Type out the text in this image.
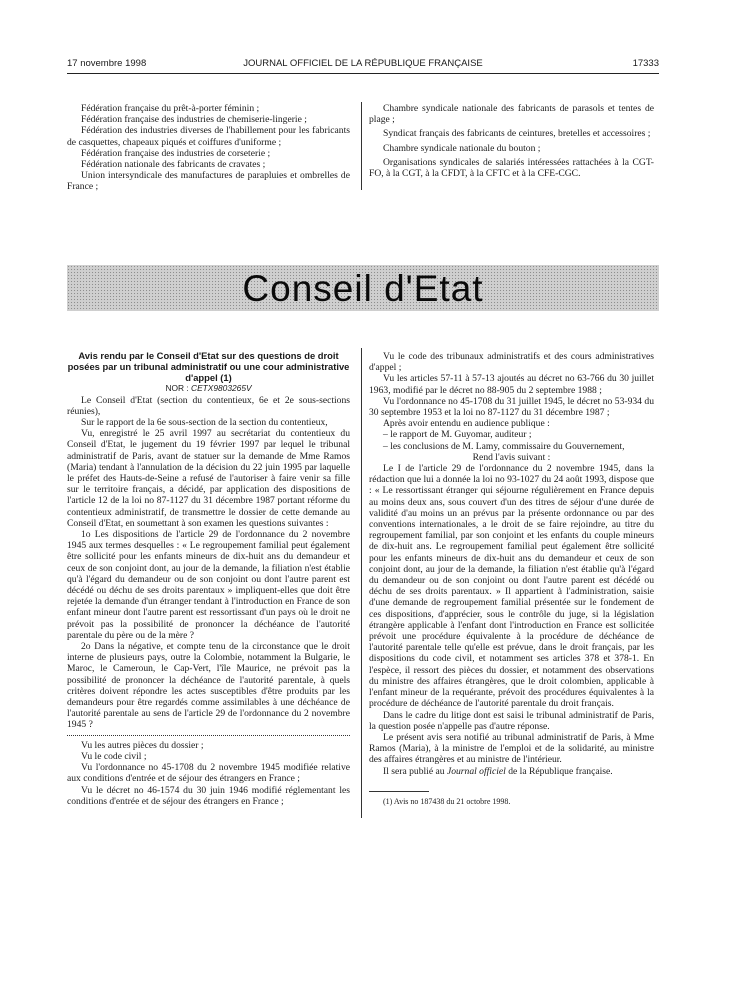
17 novembre 1998	JOURNAL OFFICIEL DE LA RÉPUBLIQUE FRANÇAISE	17333

Fédération française du prêt-à-porter féminin ;

Fédération française des industries de chemiserie-lingerie ;

Fédération des industries diverses de l'habillement pour les fabricants de casquettes, chapeaux piqués et coiffures d'uniforme ;

Fédération française des industries de corseterie ;

Fédération nationale des fabricants de cravates ;

Union intersyndicale des manufactures de parapluies et ombrelles de France ;

Chambre syndicale nationale des fabricants de parasols et tentes de plage ;

Syndicat français des fabricants de ceintures, bretelles et accessoires ;

Chambre syndicale nationale du bouton ;

Organisations syndicales de salariés intéressées rattachées à la CGT-FO, à la CGT, à la CFDT, à la CFTC et à la CFE-CGC.

Conseil d'Etat

Avis rendu par le Conseil d'Etat sur des questions de droit posées par un tribunal administratif ou une cour administrative d'appel (1)

NOR : CETX9803265V

Le Conseil d'Etat (section du contentieux, 6e et 2e sous-sections réunies),

Sur le rapport de la 6e sous-section de la section du contentieux,

Vu, enregistré le 25 avril 1997 au secrétariat du contentieux du Conseil d'Etat, le jugement du 19 février 1997 par lequel le tribunal administratif de Paris, avant de statuer sur la demande de Mme Ramos (Maria) tendant à l'annulation de la décision du 22 juin 1995 par laquelle le préfet des Hauts-de-Seine a refusé de l'autoriser à faire venir sa fille sur le territoire français, a décidé, par application des dispositions de l'article 12 de la loi no 87-1127 du 31 décembre 1987 portant réforme du contentieux administratif, de transmettre le dossier de cette demande au Conseil d'Etat, en soumettant à son examen les questions suivantes :

1o Les dispositions de l'article 29 de l'ordonnance du 2 novembre 1945 aux termes desquelles : « Le regroupement familial peut également être sollicité pour les enfants mineurs de dix-huit ans du demandeur et ceux de son conjoint dont, au jour de la demande, la filiation n'est établie qu'à l'égard du demandeur ou de son conjoint ou dont l'autre parent est décédé ou déchu de ses droits parentaux » impliquent-elles que doit être rejetée la demande d'un étranger tendant à l'introduction en France de son enfant mineur dont l'autre parent est ressortissant d'un pays où le droit ne prévoit pas la possibilité de prononcer la déchéance de l'autorité parentale du père ou de la mère ?

2o Dans la négative, et compte tenu de la circonstance que le droit interne de plusieurs pays, outre la Colombie, notamment la Bulgarie, le Maroc, le Cameroun, le Cap-Vert, l'île Maurice, ne prévoit pas la possibilité de prononcer la déchéance de l'autorité parentale, à quels critères doivent répondre les actes susceptibles d'être produits par les demandeurs pour être regardés comme assimilables à une déchéance de l'autorité parentale au sens de l'article 29 de l'ordonnance du 2 novembre 1945 ?

Vu les autres pièces du dossier ;

Vu le code civil ;

Vu l'ordonnance no 45-1708 du 2 novembre 1945 modifiée relative aux conditions d'entrée et de séjour des étrangers en France ;

Vu le décret no 46-1574 du 30 juin 1946 modifié réglementant les conditions d'entrée et de séjour des étrangers en France ;

Vu le code des tribunaux administratifs et des cours administratives d'appel ;

Vu les articles 57-11 à 57-13 ajoutés au décret no 63-766 du 30 juillet 1963, modifié par le décret no 88-905 du 2 septembre 1988 ;

Vu l'ordonnance no 45-1708 du 31 juillet 1945, le décret no 53-934 du 30 septembre 1953 et la loi no 87-1127 du 31 décembre 1987 ;

Après avoir entendu en audience publique :

– le rapport de M. Guyomar, auditeur ;
– les conclusions de M. Lamy, commissaire du Gouvernement,

Rend l'avis suivant :

Le I de l'article 29 de l'ordonnance du 2 novembre 1945, dans la rédaction que lui a donnée la loi no 93-1027 du 24 août 1993, dispose que : « Le ressortissant étranger qui séjourne régulièrement en France depuis au moins deux ans, sous couvert d'un des titres de séjour d'une durée de validité d'au moins un an prévus par la présente ordonnance ou par des conventions internationales, a le droit de se faire rejoindre, au titre du regroupement familial, par son conjoint et les enfants du couple mineurs de dix-huit ans. Le regroupement familial peut également être sollicité pour les enfants mineurs de dix-huit ans du demandeur et ceux de son conjoint dont, au jour de la demande, la filiation n'est établie qu'à l'égard du demandeur ou de son conjoint ou dont l'autre parent est décédé ou déchu de ses droits parentaux. » Il appartient à l'administration, saisie d'une demande de regroupement familial présentée sur le fondement de ces dispositions, d'apprécier, sous le contrôle du juge, si la législation étrangère applicable à l'enfant dont l'introduction en France est sollicitée prévoit une procédure équivalente à la procédure de déchéance de l'autorité parentale telle qu'elle est prévue, dans le droit français, par les dispositions du code civil, et notamment ses articles 378 et 378-1. En l'espèce, il ressort des pièces du dossier, et notamment des observations du ministre des affaires étrangères, que le droit colombien, applicable à l'enfant mineur de la requérante, prévoit des procédures équivalentes à la procédure de déchéance de l'autorité parentale du droit français.

Dans le cadre du litige dont est saisi le tribunal administratif de Paris, la question posée n'appelle pas d'autre réponse.

Le présent avis sera notifié au tribunal administratif de Paris, à Mme Ramos (Maria), à la ministre de l'emploi et de la solidarité, au ministre des affaires étrangères et au ministre de l'intérieur.

Il sera publié au Journal officiel de la République française.

(1) Avis no 187438 du 21 octobre 1998.
